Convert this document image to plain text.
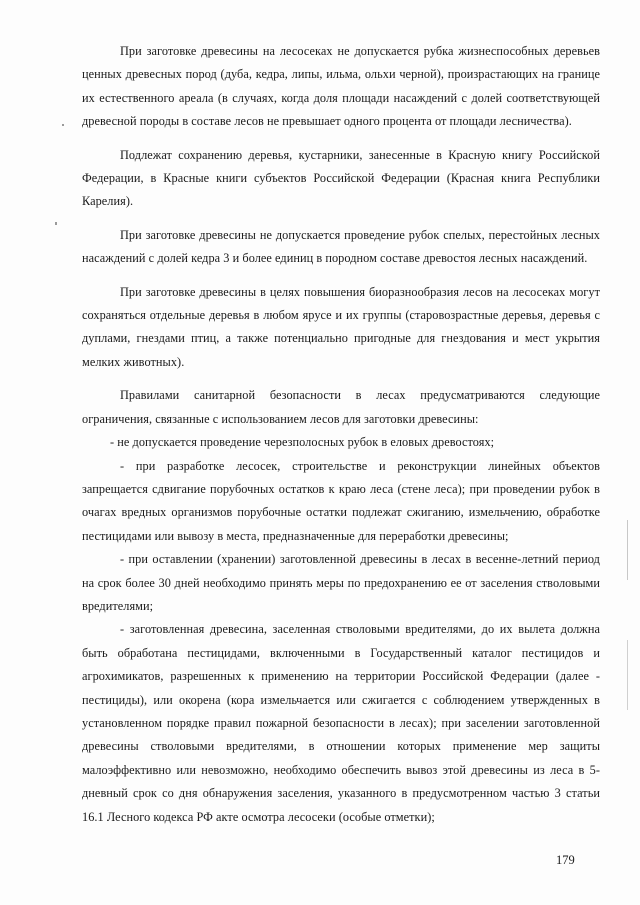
При заготовке древесины на лесосеках не допускается рубка жизнеспособных деревьев ценных древесных пород (дуба, кедра, липы, ильма, ольхи черной), произрастающих на границе их естественного ареала (в случаях, когда доля площади насаждений с долей соответствующей древесной породы в составе лесов не превышает одного процента от площади лесничества).

Подлежат сохранению деревья, кустарники, занесенные в Красную книгу Российской Федерации, в Красные книги субъектов Российской Федерации (Красная книга Республики Карелия).

При заготовке древесины не допускается проведение рубок спелых, перестойных лесных насаждений с долей кедра 3 и более единиц в породном составе древостоя лесных насаждений.

При заготовке древесины в целях повышения биоразнообразия лесов на лесосеках могут сохраняться отдельные деревья в любом ярусе и их группы (старовозрастные деревья, деревья с дуплами, гнездами птиц, а также потенциально пригодные для гнездования и мест укрытия мелких животных).

Правилами санитарной безопасности в лесах предусматриваются следующие ограничения, связанные с использованием лесов для заготовки древесины:

- не допускается проведение черезполосных рубок в еловых древостоях;

- при разработке лесосек, строительстве и реконструкции линейных объектов запрещается сдвигание порубочных остатков к краю леса (стене леса); при проведении рубок в очагах вредных организмов порубочные остатки подлежат сжиганию, измельчению, обработке пестицидами или вывозу в места, предназначенные для переработки древесины;

- при оставлении (хранении) заготовленной древесины в лесах в весенне-летний период на срок более 30 дней необходимо принять меры по предохранению ее от заселения стволовыми вредителями;

- заготовленная древесина, заселенная стволовыми вредителями, до их вылета должна быть обработана пестицидами, включенными в Государственный каталог пестицидов и агрохимикатов, разрешенных к применению на территории Российской Федерации (далее - пестициды), или окорена (кора измельчается или сжигается с соблюдением утвержденных в установленном порядке правил пожарной безопасности в лесах); при заселении заготовленной древесины стволовыми вредителями, в отношении которых применение мер защиты малоэффективно или невозможно, необходимо обеспечить вывоз этой древесины из леса в 5-дневный срок со дня обнаружения заселения, указанного в предусмотренном частью 3 статьи 16.1 Лесного кодекса РФ акте осмотра лесосеки (особые отметки);

179
